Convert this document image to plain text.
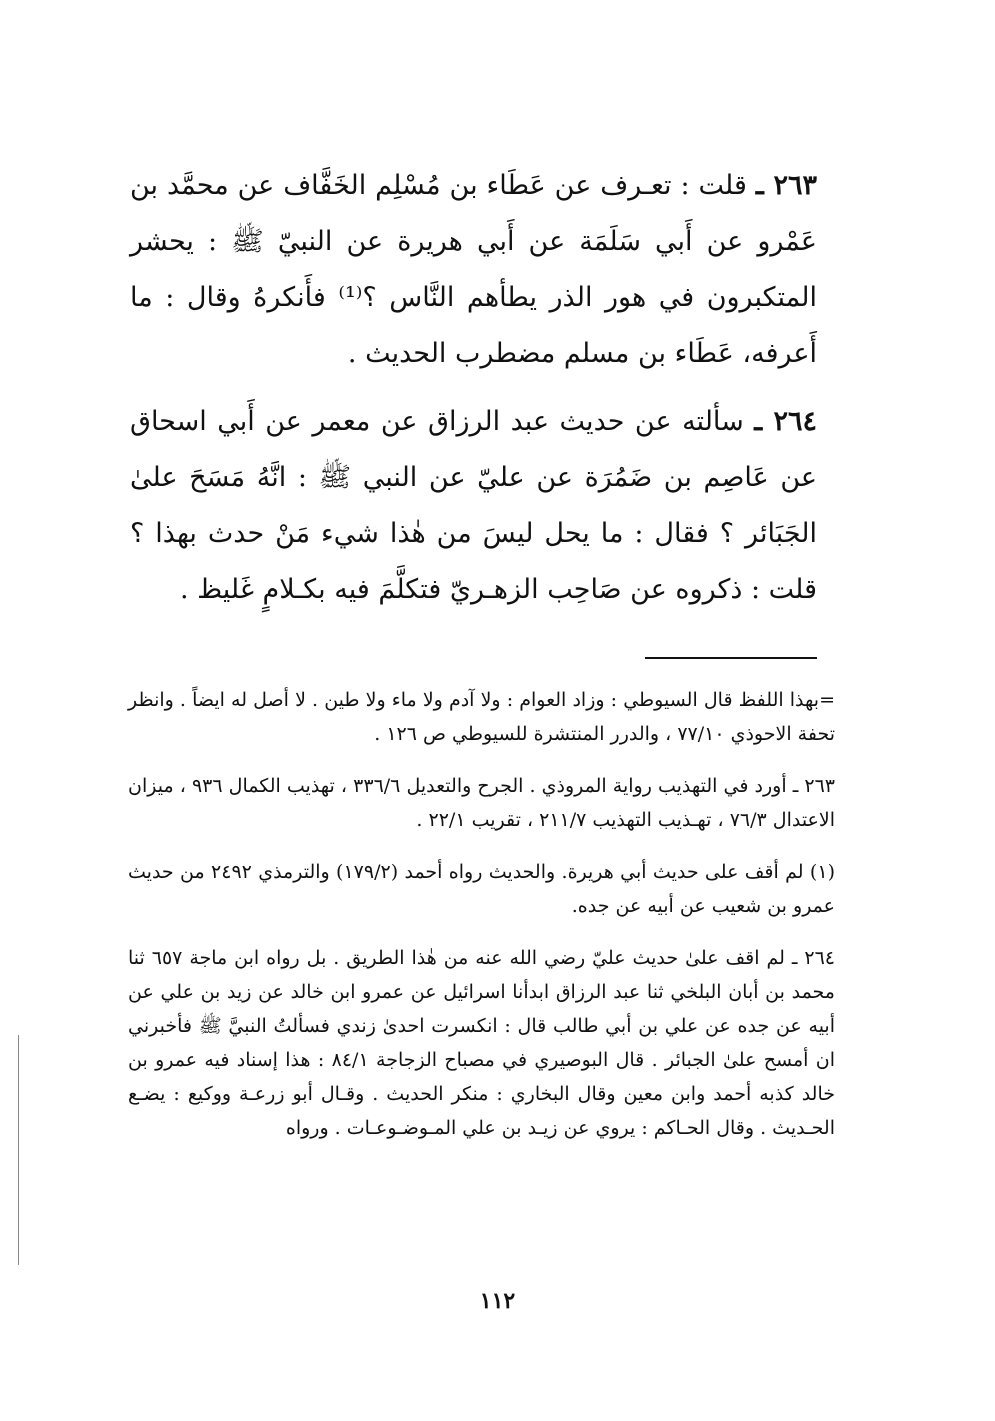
٢٦٣ ـ قلت : تعـرف عن عَطَاء بن مُسْلِم الخَفَّاف عن محمَّد بن عَمْرو عن أَبي سَلَمَة عن أَبي هريرة عن النبيّ ﷺ : يحشر المتكبرون في هور الذر يطأهم النَّاس ؟⁽¹⁾ فأَنكرهُ وقال : ما أَعرفه، عَطَاء بن مسلم مضطرب الحديث .

٢٦٤ ـ سألته عن حديث عبد الرزاق عن معمر عن أَبي اسحاق عن عَاصِم بن ضَمُرَة عن عليّ عن النبي ﷺ : انَّهُ مَسَحَ علىٰ الجَبَائر ؟ فقال : ما يحل ليسَ من هٰذا شيء مَنْ حدث بهذا ؟ قلت : ذكروه عن صَاحِب الزهـريّ فتكلَّمَ فيه بكـلامٍ غَليظ .

=بهذا اللفظ قال السيوطي : وزاد العوام : ولا آدم ولا ماء ولا طين . لا أصل له ايضاً . وانظر تحفة الاحوذي ٧٧/١٠ ، والدرر المنتشرة للسيوطي ص ١٢٦ .

٢٦٣ ـ أورد في التهذيب رواية المروذي . الجرح والتعديل ٣٣٦/٦ ، تهذيب الكمال ٩٣٦ ، ميزان الاعتدال ٧٦/٣ ، تهـذيب التهذيب ٢١١/٧ ، تقريب ٢٢/١ .

(١) لم أقف على حديث أبي هريرة. والحديث رواه أحمد (١٧٩/٢) والترمذي ٢٤٩٢ من حديث عمرو بن شعيب عن أبيه عن جده.

٢٦٤ ـ لم اقف علىٰ حديث عليّ رضي الله عنه من هٰذا الطريق . بل رواه ابن ماجة ٦٥٧ ثنا محمد بن أبان البلخي ثنا عبد الرزاق ابدأنا اسرائيل عن عمرو ابن خالد عن زيد بن علي عن أبيه عن جده عن علي بن أبي طالب قال : انكسرت احدىٰ زندي فسألتُ النبيَّ ﷺ فأخبرني ان أمسح علىٰ الجبائر . قال البوصيري في مصباح الزجاجة ٨٤/١ : هذا إسناد فيه عمرو بن خالد كذبه أحمد وابن معين وقال البخاري : منكر الحديث . وقـال أبو زرعـة ووكيع : يضـع الحـديث . وقال الحـاكم : يروي عن زيـد بن علي المـوضـوعـات . ورواه

١١٢
